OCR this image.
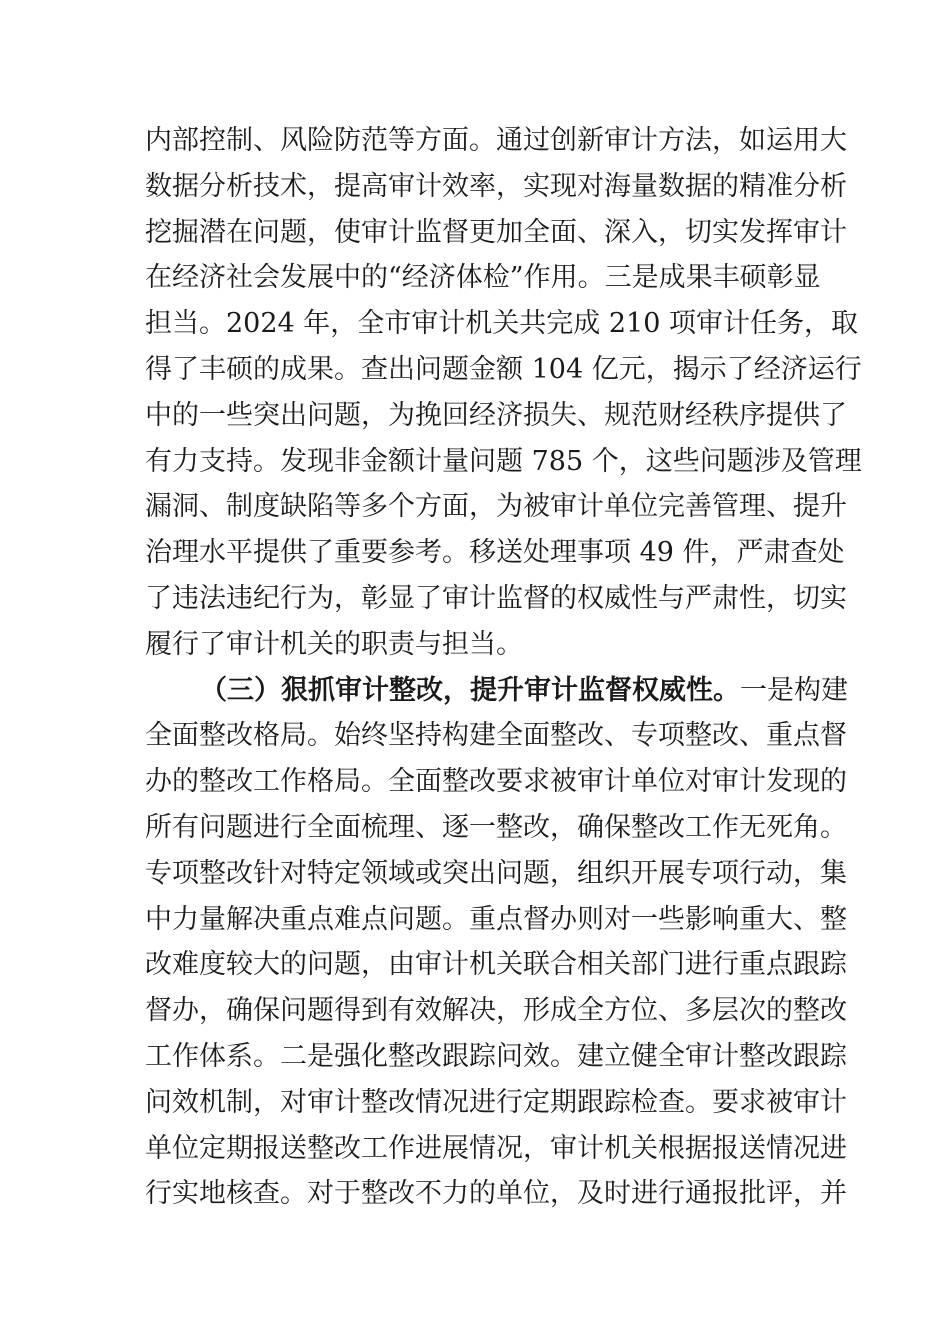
内部控制、风险防范等方面。通过创新审计方法，如运用大
数据分析技术，提高审计效率，实现对海量数据的精准分析
挖掘潜在问题，使审计监督更加全面、深入，切实发挥审计
在经济社会发展中的“经济体检”作用。三是成果丰硕彰显
担当。2024 年，全市审计机关共完成 210 项审计任务，取
得了丰硕的成果。查出问题金额 104 亿元，揭示了经济运行
中的一些突出问题，为挽回经济损失、规范财经秩序提供了
有力支持。发现非金额计量问题 785 个，这些问题涉及管理
漏洞、制度缺陷等多个方面，为被审计单位完善管理、提升
治理水平提供了重要参考。移送处理事项 49 件，严肃查处
了违法违纪行为，彰显了审计监督的权威性与严肃性，切实
履行了审计机关的职责与担当。
（三）狠抓审计整改，提升审计监督权威性。一是构建
全面整改格局。始终坚持构建全面整改、专项整改、重点督
办的整改工作格局。全面整改要求被审计单位对审计发现的
所有问题进行全面梳理、逐一整改，确保整改工作无死角。
专项整改针对特定领域或突出问题，组织开展专项行动，集
中力量解决重点难点问题。重点督办则对一些影响重大、整
改难度较大的问题，由审计机关联合相关部门进行重点跟踪
督办，确保问题得到有效解决，形成全方位、多层次的整改
工作体系。二是强化整改跟踪问效。建立健全审计整改跟踪
问效机制，对审计整改情况进行定期跟踪检查。要求被审计
单位定期报送整改工作进展情况，审计机关根据报送情况进
行实地核查。对于整改不力的单位，及时进行通报批评，并
